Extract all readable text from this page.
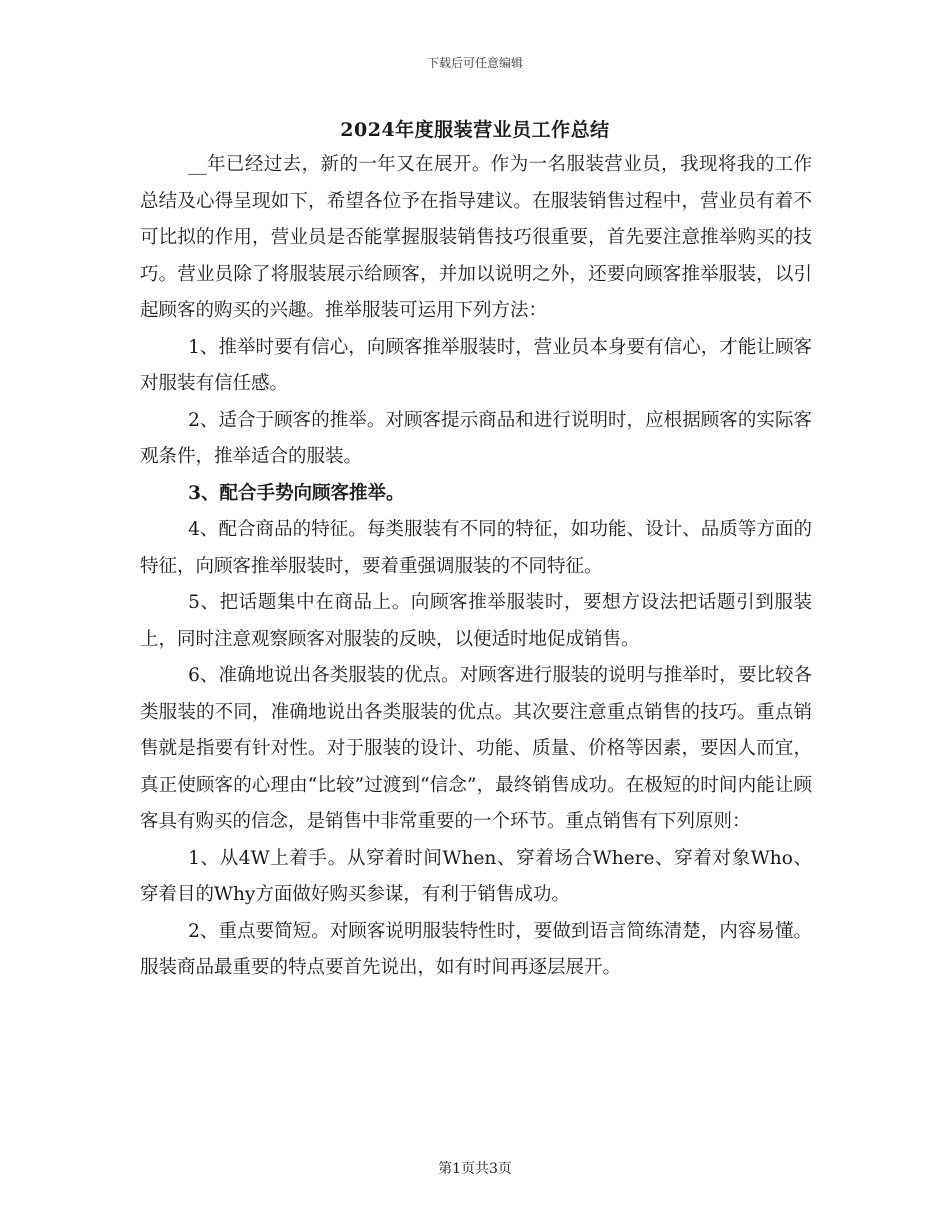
下载后可任意编辑
2024年度服装营业员工作总结

__年已经过去，新的一年又在展开。作为一名服装营业员，我现将我的工作总结及心得呈现如下，希望各位予在指导建议。在服装销售过程中，营业员有着不可比拟的作用，营业员是否能掌握服装销售技巧很重要，首先要注意推举购买的技巧。营业员除了将服装展示给顾客，并加以说明之外，还要向顾客推举服装，以引起顾客的购买的兴趣。推举服装可运用下列方法：

1、推举时要有信心，向顾客推举服装时，营业员本身要有信心，才能让顾客对服装有信任感。

2、适合于顾客的推举。对顾客提示商品和进行说明时，应根据顾客的实际客观条件，推举适合的服装。

3、配合手势向顾客推举。

4、配合商品的特征。每类服装有不同的特征，如功能、设计、品质等方面的特征，向顾客推举服装时，要着重强调服装的不同特征。

5、把话题集中在商品上。向顾客推举服装时，要想方设法把话题引到服装上，同时注意观察顾客对服装的反映，以便适时地促成销售。

6、准确地说出各类服装的优点。对顾客进行服装的说明与推举时，要比较各类服装的不同，准确地说出各类服装的优点。其次要注意重点销售的技巧。重点销售就是指要有针对性。对于服装的设计、功能、质量、价格等因素，要因人而宜，真正使顾客的心理由“比较”过渡到“信念”，最终销售成功。在极短的时间内能让顾客具有购买的信念，是销售中非常重要的一个环节。重点销售有下列原则：

1、从4W上着手。从穿着时间When、穿着场合Where、穿着对象Who、穿着目的Why方面做好购买参谋，有利于销售成功。

2、重点要简短。对顾客说明服装特性时，要做到语言简练清楚，内容易懂。服装商品最重要的特点要首先说出，如有时间再逐层展开。

第1页共3页
